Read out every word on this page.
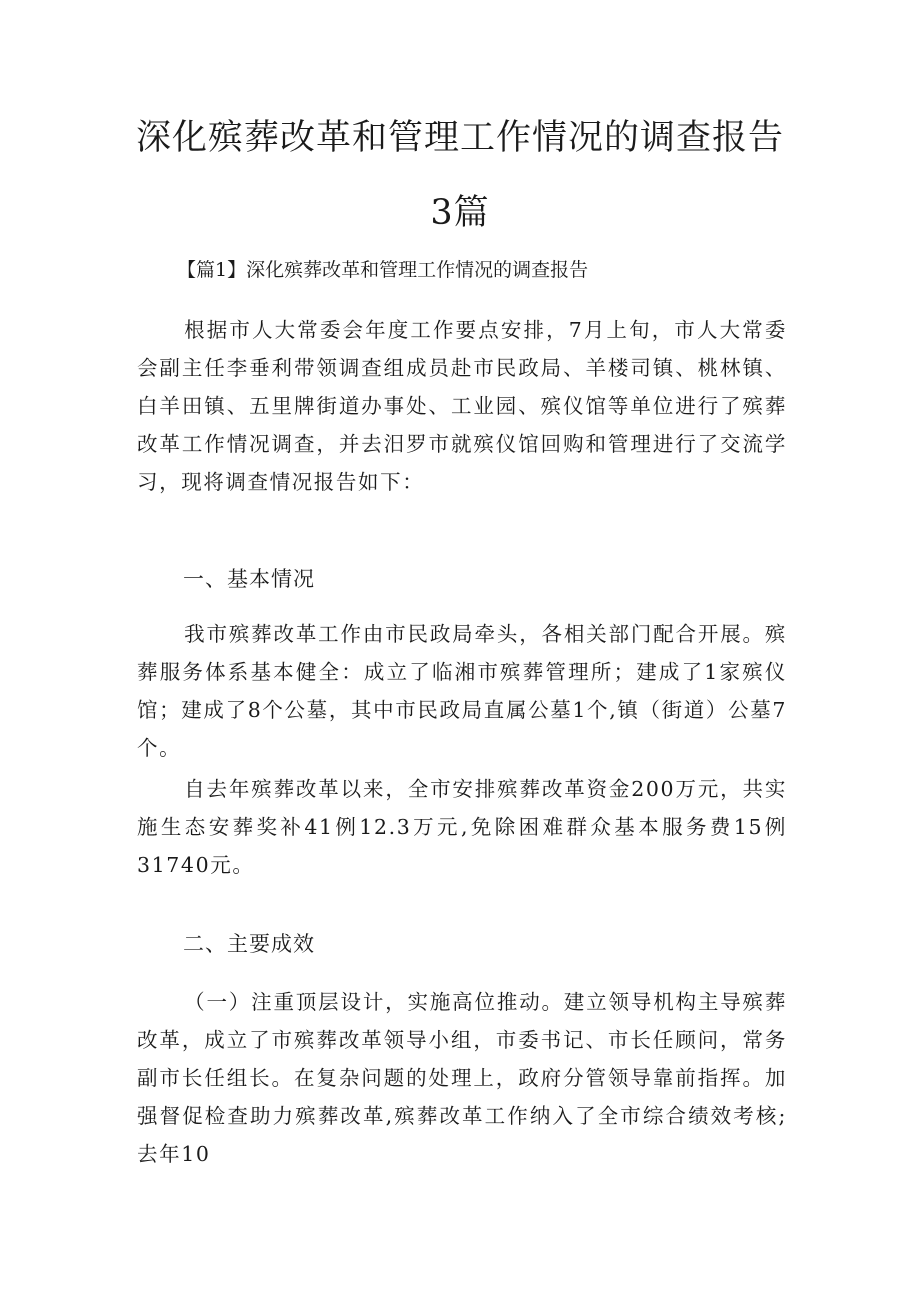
深化殡葬改革和管理工作情况的调查报告
3篇

【篇1】深化殡葬改革和管理工作情况的调查报告

根据市人大常委会年度工作要点安排，7月上旬，市人大常委会副主任李垂利带领调查组成员赴市民政局、羊楼司镇、桃林镇、白羊田镇、五里牌街道办事处、工业园、殡仪馆等单位进行了殡葬改革工作情况调查，并去汨罗市就殡仪馆回购和管理进行了交流学习，现将调查情况报告如下：

一、基本情况

我市殡葬改革工作由市民政局牵头，各相关部门配合开展。殡葬服务体系基本健全：成立了临湘市殡葬管理所；建成了1家殡仪馆；建成了8个公墓，其中市民政局直属公墓1个,镇（街道）公墓7个。

自去年殡葬改革以来，全市安排殡葬改革资金200万元，共实施生态安葬奖补41例12.3万元,免除困难群众基本服务费15例31740元。

二、主要成效

（一）注重顶层设计，实施高位推动。建立领导机构主导殡葬改革，成立了市殡葬改革领导小组，市委书记、市长任顾问，常务副市长任组长。在复杂问题的处理上，政府分管领导靠前指挥。加强督促检查助力殡葬改革,殡葬改革工作纳入了全市综合绩效考核;去年10
